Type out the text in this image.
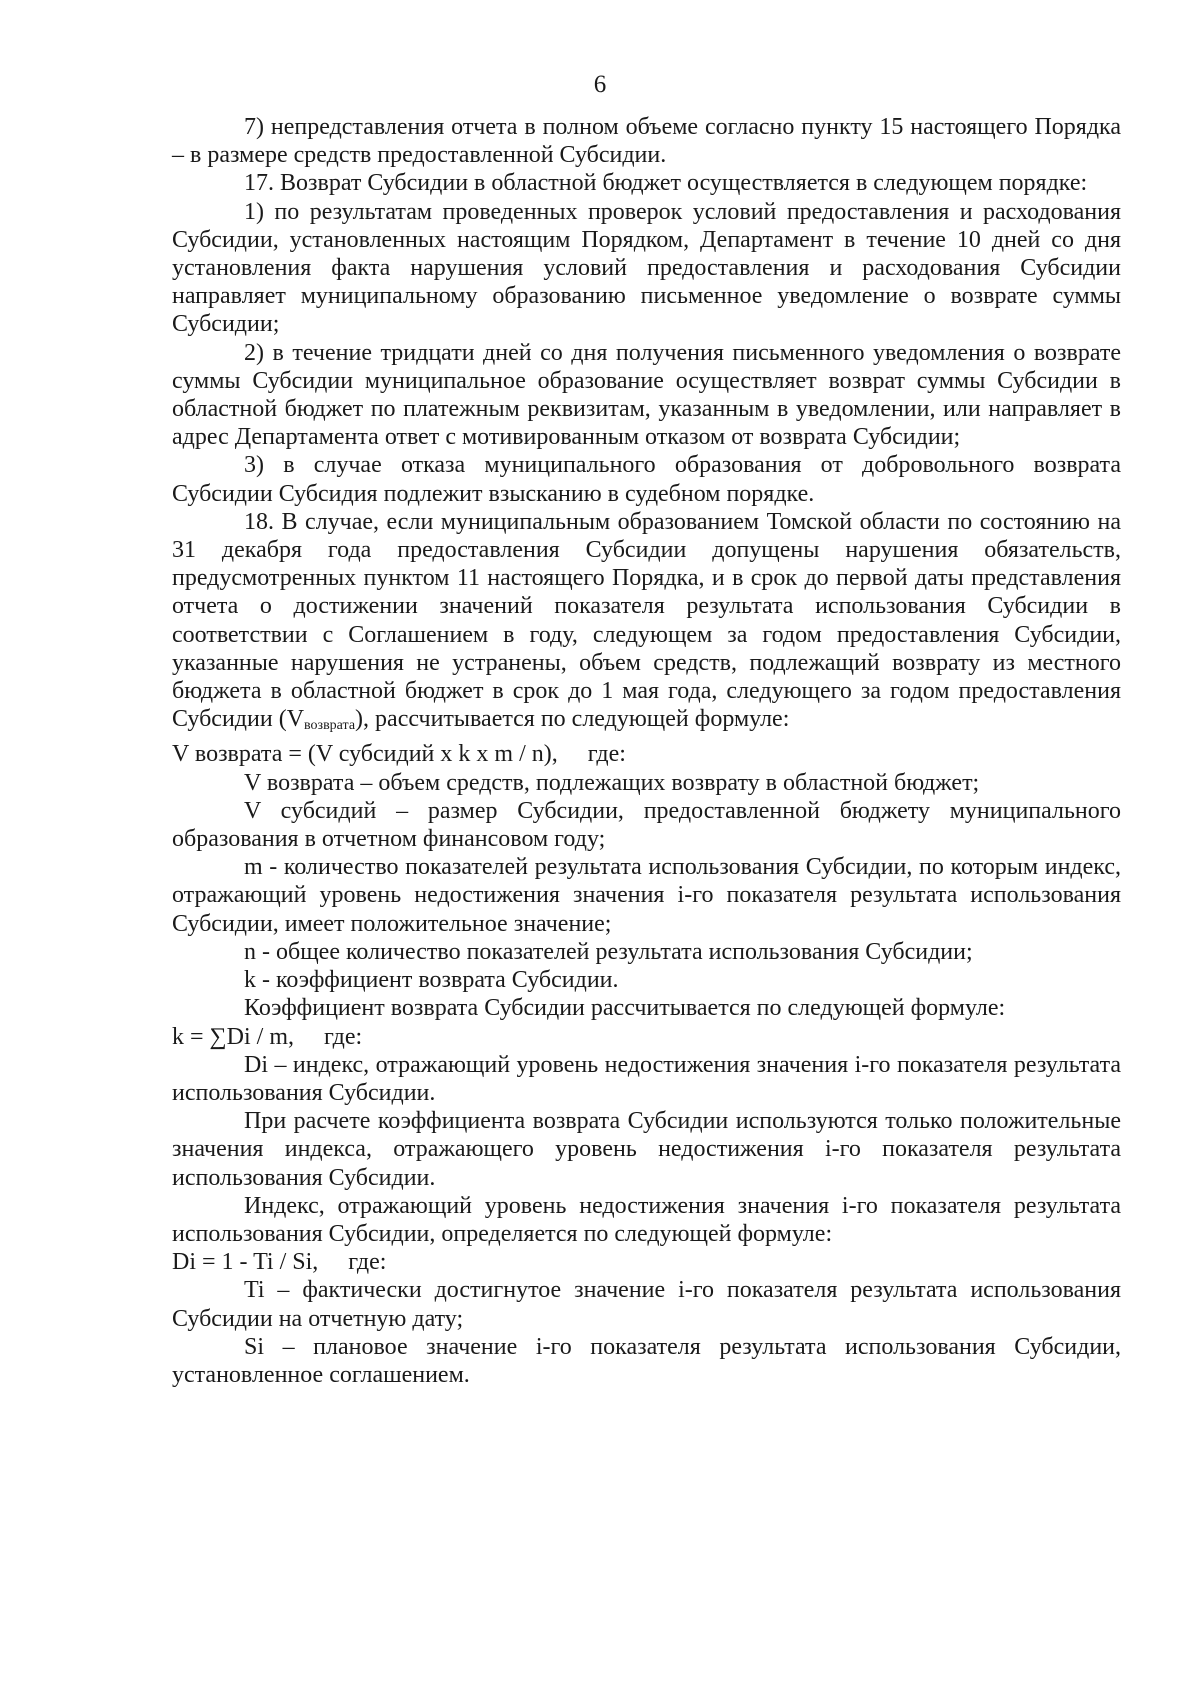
6

7) непредставления отчета в полном объеме согласно пункту 15 настоящего Порядка – в размере средств предоставленной Субсидии.

17. Возврат Субсидии в областной бюджет осуществляется в следующем порядке:

1) по результатам проведенных проверок условий предоставления и расходования Субсидии, установленных настоящим Порядком, Департамент в течение 10 дней со дня установления факта нарушения условий предоставления и расходования Субсидии направляет муниципальному образованию письменное уведомление о возврате суммы Субсидии;

2) в течение тридцати дней со дня получения письменного уведомления о возврате суммы Субсидии муниципальное образование осуществляет возврат суммы Субсидии в областной бюджет по платежным реквизитам, указанным в уведомлении, или направляет в адрес Департамента ответ с мотивированным отказом от возврата Субсидии;

3) в случае отказа муниципального образования от добровольного возврата Субсидии Субсидия подлежит взысканию в судебном порядке.

18. В случае, если муниципальным образованием Томской области по состоянию на 31 декабря года предоставления Субсидии допущены нарушения обязательств, предусмотренных пунктом 11 настоящего Порядка, и в срок до первой даты представления отчета о достижении значений показателя результата использования Субсидии в соответствии с Соглашением в году, следующем за годом предоставления Субсидии, указанные нарушения не устранены, объем средств, подлежащий возврату из местного бюджета в областной бюджет в срок до 1 мая года, следующего за годом предоставления Субсидии $(V_{возврата})$, рассчитывается по следующей формуле:

V возврата = (V субсидий x k x m / n), где:

V возврата – объем средств, подлежащих возврату в областной бюджет;

V субсидий – размер Субсидии, предоставленной бюджету муниципального образования в отчетном финансовом году;

m - количество показателей результата использования Субсидии, по которым индекс, отражающий уровень недостижения значения i-го показателя результата использования Субсидии, имеет положительное значение;

n - общее количество показателей результата использования Субсидии;

k - коэффициент возврата Субсидии.

Коэффициент возврата Субсидии рассчитывается по следующей формуле:

k = ∑Di / m, где:

Di – индекс, отражающий уровень недостижения значения i-го показателя результата использования Субсидии.

При расчете коэффициента возврата Субсидии используются только положительные значения индекса, отражающего уровень недостижения i-го показателя результата использования Субсидии.

Индекс, отражающий уровень недостижения значения i-го показателя результата использования Субсидии, определяется по следующей формуле:

Di = 1 - Ti / Si, где:

Ti – фактически достигнутое значение i-го показателя результата использования Субсидии на отчетную дату;

Si – плановое значение i-го показателя результата использования Субсидии, установленное соглашением.
